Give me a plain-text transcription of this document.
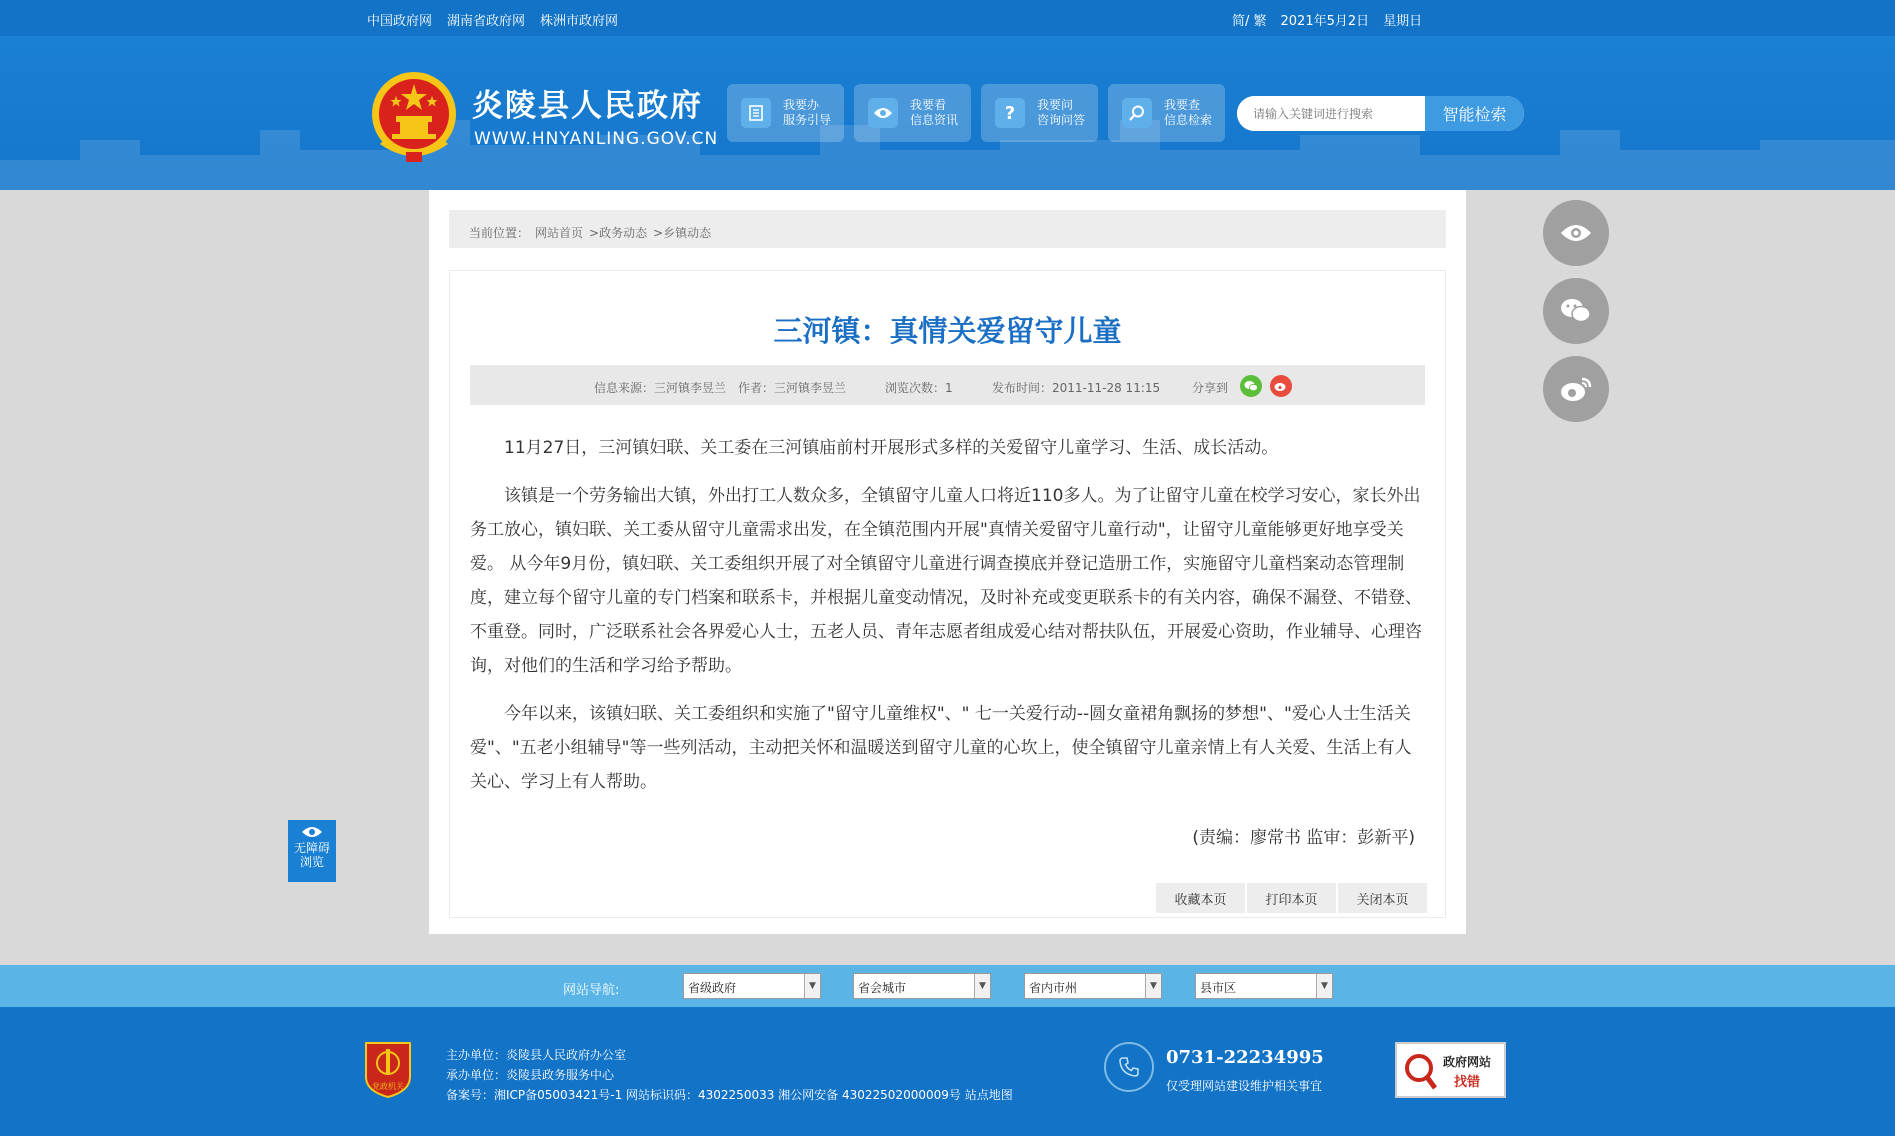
中国政府网 湖南省政府网 株洲市政府网	简/ 繁 2021年5月2日 星期日
炎陵县人民政府
WWW.HNYANLING.GOV.CN
我要办
服务引导
我要看
信息资讯	?	我要问
咨询问答
我要查
信息检索
请输入关键词进行搜索	智能检索
当前位置： 网站首页 >政务动态 >乡镇动态
三河镇：真情关爱留守儿童
信息来源：三河镇李昱兰 作者：三河镇李昱兰	浏览次数：1	发布时间：2011-11-28 11:15	分享到

11月27日，三河镇妇联、关工委在三河镇庙前村开展形式多样的关爱留守儿童学习、生活、成长活动。

该镇是一个劳务输出大镇，外出打工人数众多，全镇留守儿童人口将近110多人。为了让留守儿童在校学习安心，家长外出务工放心，镇妇联、关工委从留守儿童需求出发，在全镇范围内开展"真情关爱留守儿童行动"，让留守儿童能够更好地享受关爱。 从今年9月份，镇妇联、关工委组织开展了对全镇留守儿童进行调查摸底并登记造册工作，实施留守儿童档案动态管理制度，建立每个留守儿童的专门档案和联系卡，并根据儿童变动情况，及时补充或变更联系卡的有关内容，确保不漏登、不错登、不重登。同时，广泛联系社会各界爱心人士，五老人员、青年志愿者组成爱心结对帮扶队伍，开展爱心资助，作业辅导、心理咨询，对他们的生活和学习给予帮助。

今年以来，该镇妇联、关工委组织和实施了"留守儿童维权"、" 七一关爱行动--圆女童裙角飘扬的梦想"、"爱心人士生活关爱"、"五老小组辅导"等一些列活动，主动把关怀和温暖送到留守儿童的心坎上，使全镇留守儿童亲情上有人关爱、生活上有人关心、学习上有人帮助。

(责编：廖常书 监审：彭新平)
收藏本页	打印本页	关闭本页
无障碍
浏览
网站导航:	省级政府	▼	省会城市	▼	省内市州	▼	县市区	▼
党政机关
主办单位：炎陵县人民政府办公室
承办单位：炎陵县政务服务中心
备案号：湘ICP备05003421号-1 网站标识码：4302250033 湘公网安备 43022502000009号 站点地图
0731-22234995
仅受理网站建设维护相关事宜
政府网站
找错
